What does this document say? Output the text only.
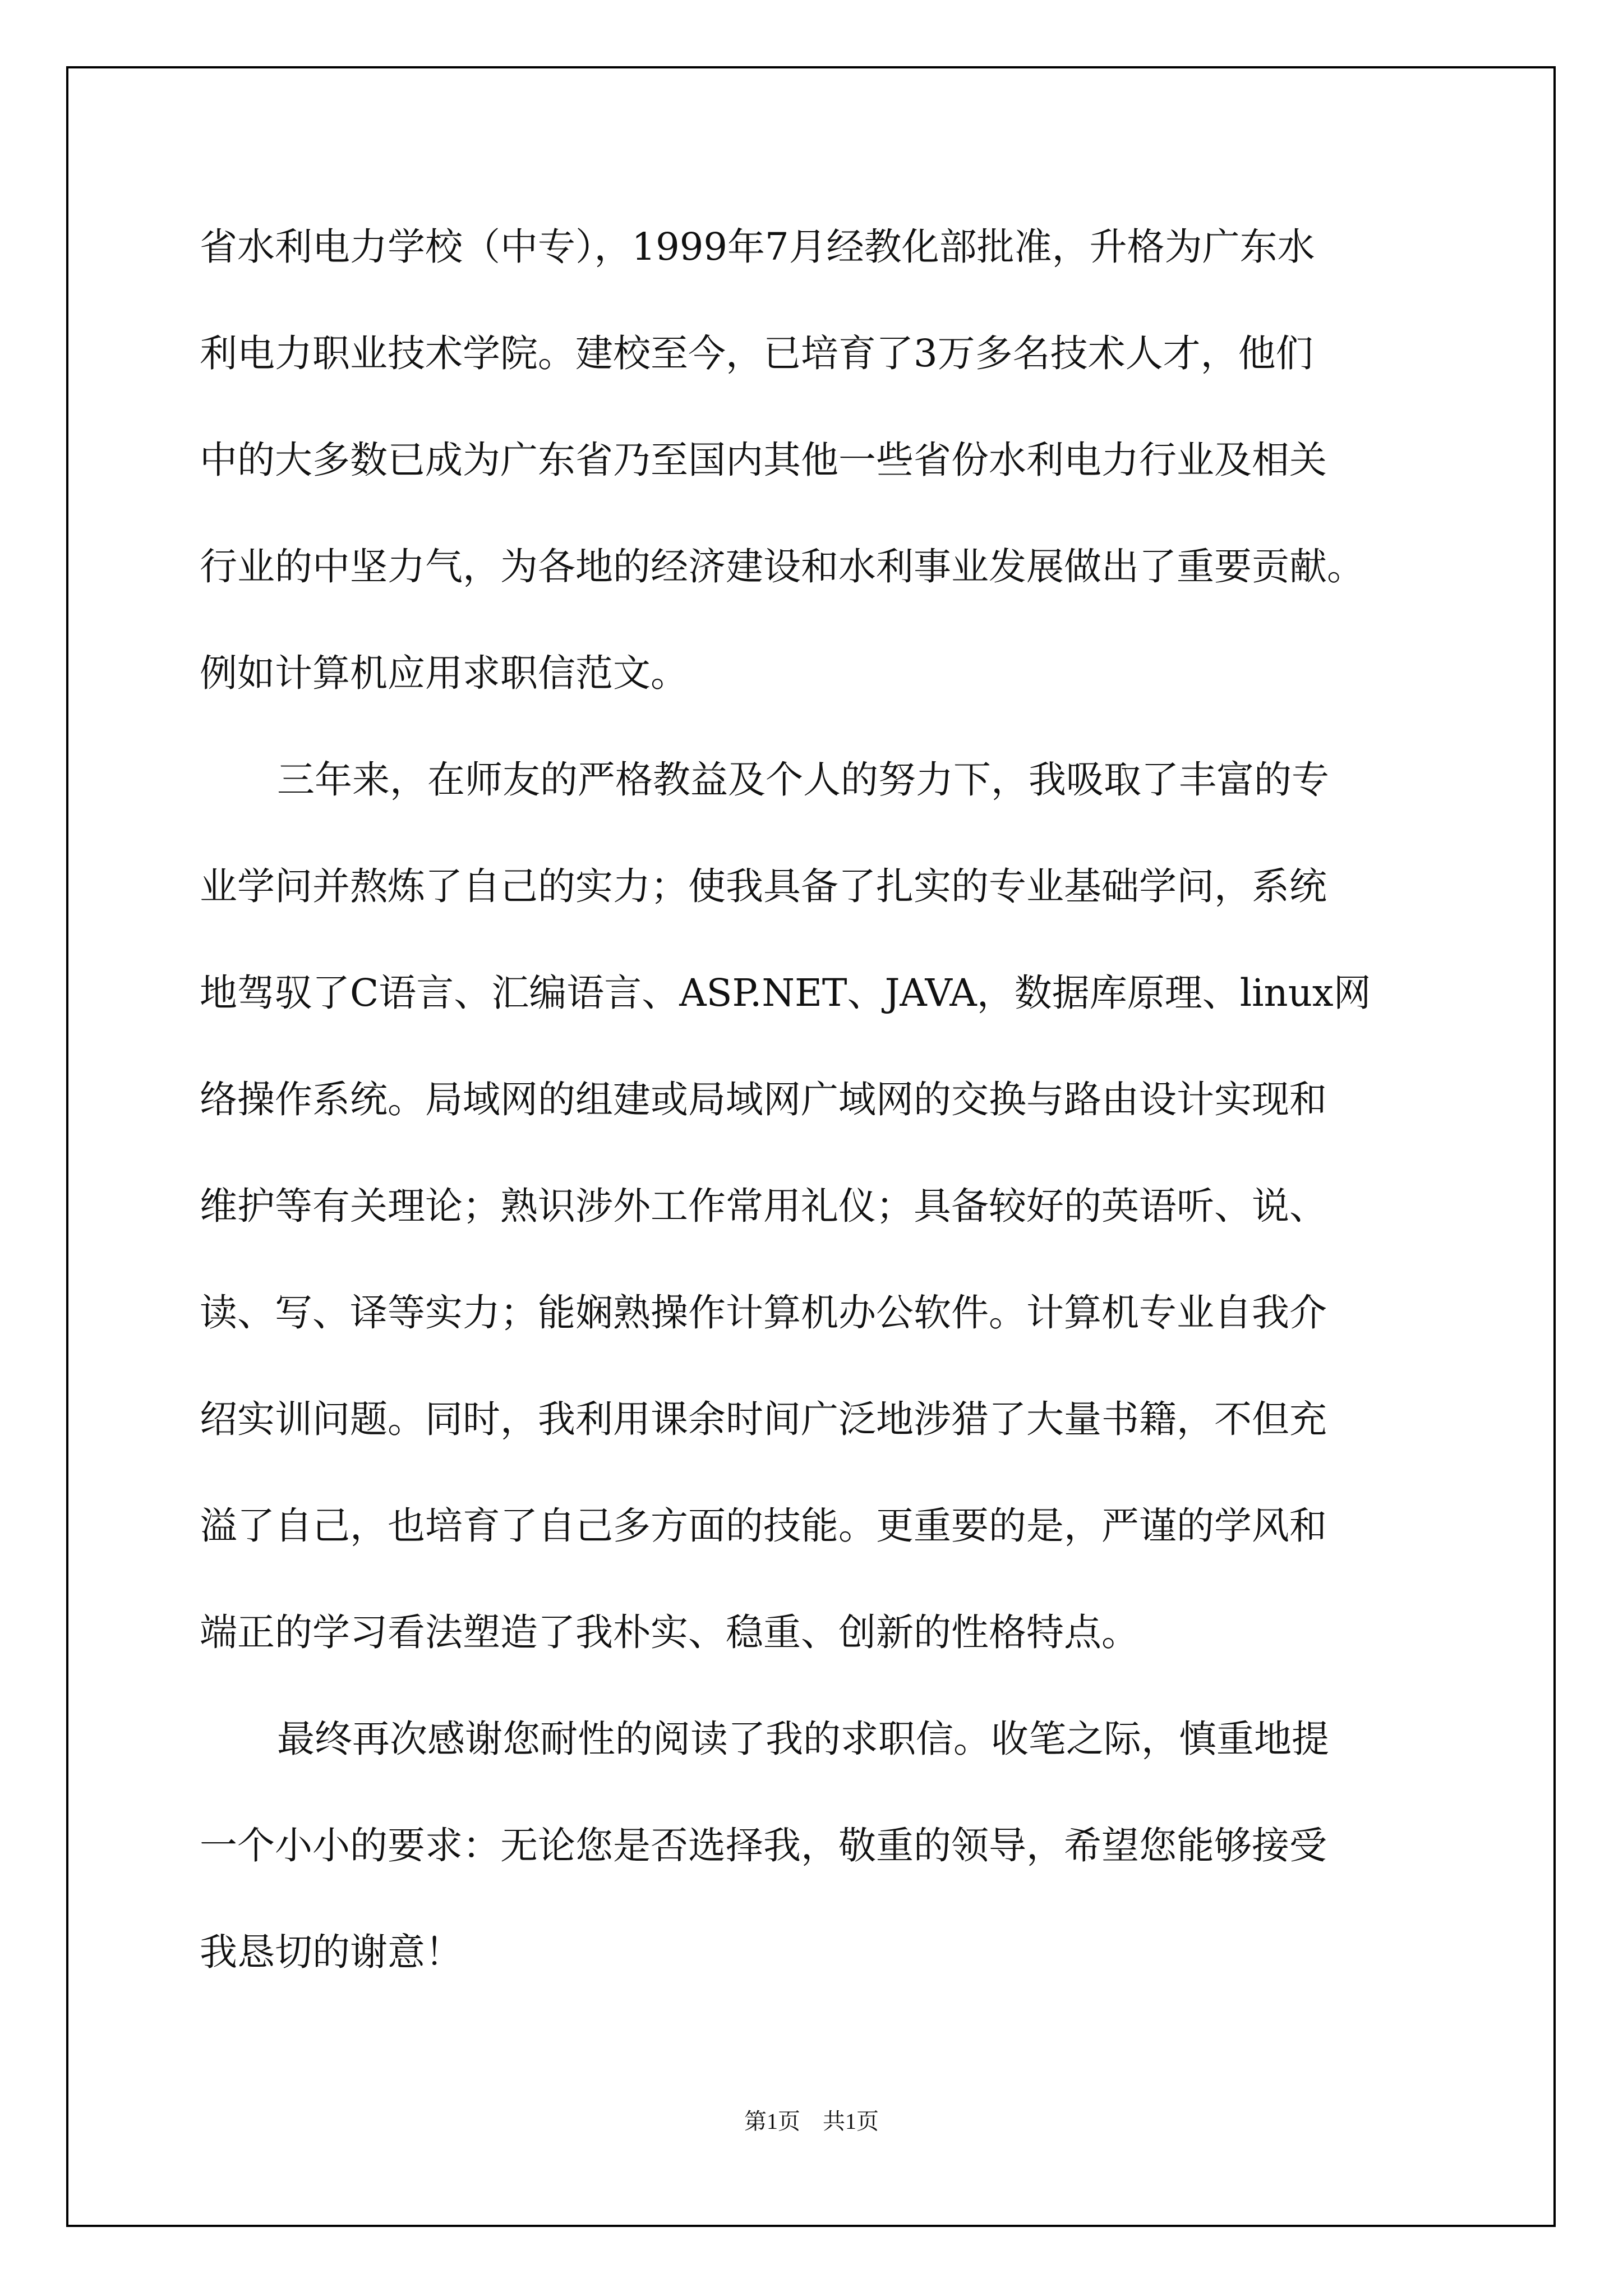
省水利电力学校（中专），1999年7月经教化部批准，升格为广东水
利电力职业技术学院。建校至今，已培育了3万多名技术人才，他们
中的大多数已成为广东省乃至国内其他一些省份水利电力行业及相关
行业的中坚力气，为各地的经济建设和水利事业发展做出了重要贡献。
例如计算机应用求职信范文。
三年来，在师友的严格教益及个人的努力下，我吸取了丰富的专
业学问并熬炼了自己的实力；使我具备了扎实的专业基础学问，系统
地驾驭了C语言、汇编语言、ASP.NET、JAVA，数据库原理、linux网
络操作系统。局域网的组建或局域网广域网的交换与路由设计实现和
维护等有关理论；熟识涉外工作常用礼仪；具备较好的英语听、说、
读、写、译等实力；能娴熟操作计算机办公软件。计算机专业自我介
绍实训问题。同时，我利用课余时间广泛地涉猎了大量书籍，不但充
溢了自己，也培育了自己多方面的技能。更重要的是，严谨的学风和
端正的学习看法塑造了我朴实、稳重、创新的性格特点。
最终再次感谢您耐性的阅读了我的求职信。收笔之际，慎重地提
一个小小的要求：无论您是否选择我，敬重的领导，希望您能够接受
我恳切的谢意！
第1页　共1页
